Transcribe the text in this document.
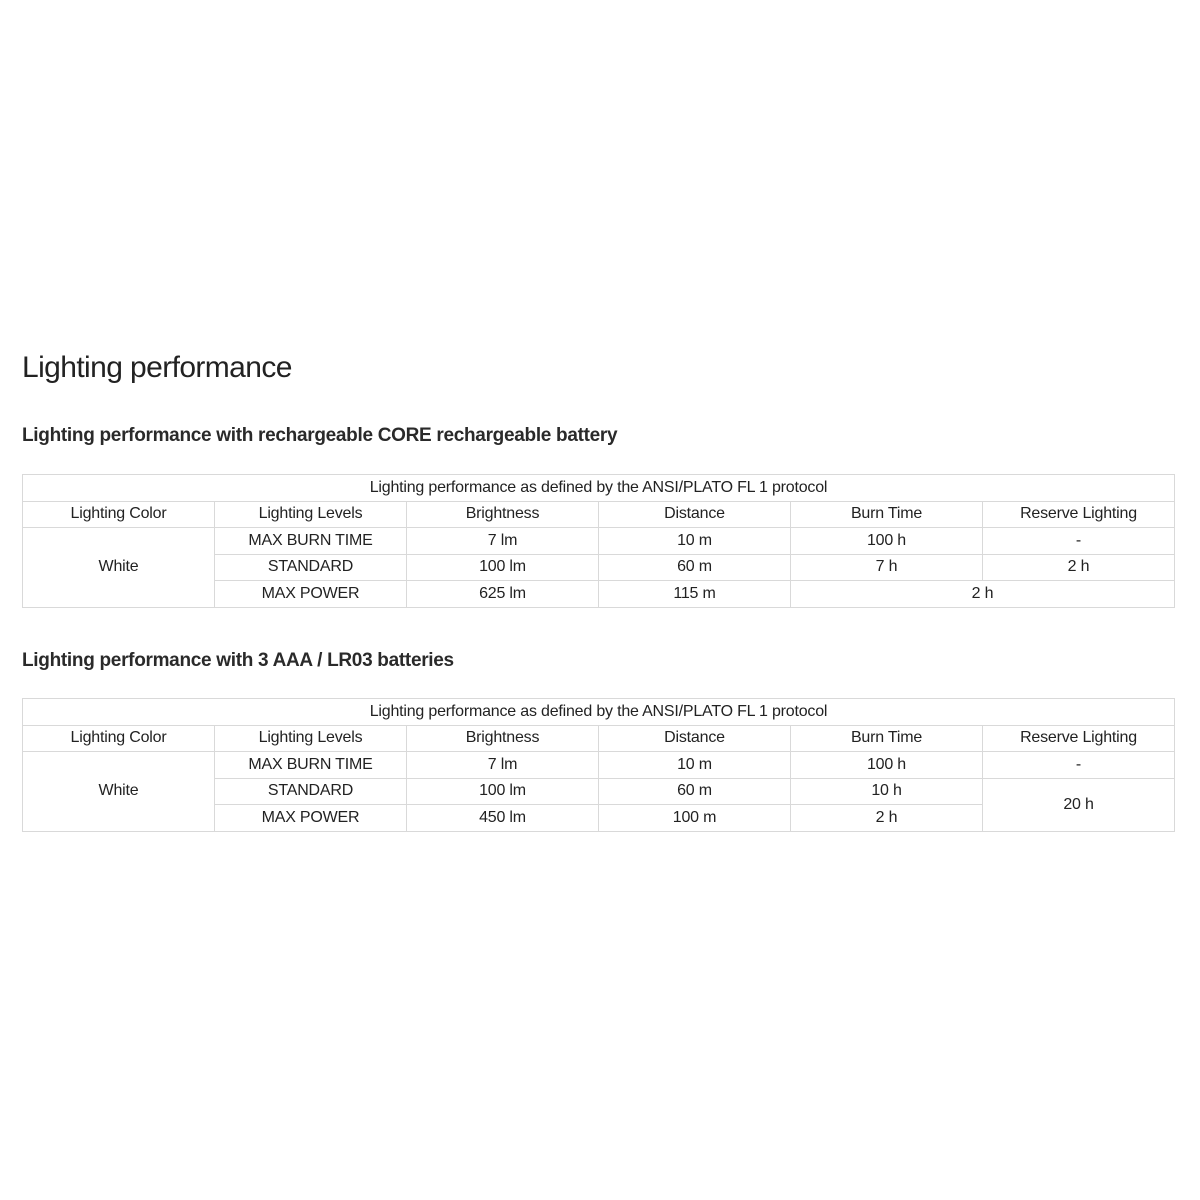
Lighting performance
Lighting performance with rechargeable CORE rechargeable battery
Lighting performance as defined by the ANSI/PLATO FL 1 protocol					
Lighting Color	Lighting Levels	Brightness	Distance	Burn Time	Reserve Lighting
White	MAX BURN TIME	7 lm	10 m	100 h	-
	STANDARD	100 lm	60 m	7 h	2 h
	MAX POWER	625 lm	115 m	2 h	
Lighting performance with 3 AAA / LR03 batteries
Lighting performance as defined by the ANSI/PLATO FL 1 protocol					
Lighting Color	Lighting Levels	Brightness	Distance	Burn Time	Reserve Lighting
White	MAX BURN TIME	7 lm	10 m	100 h	-
	STANDARD	100 lm	60 m	10 h	20 h
	MAX POWER	450 lm	100 m	2 h	
